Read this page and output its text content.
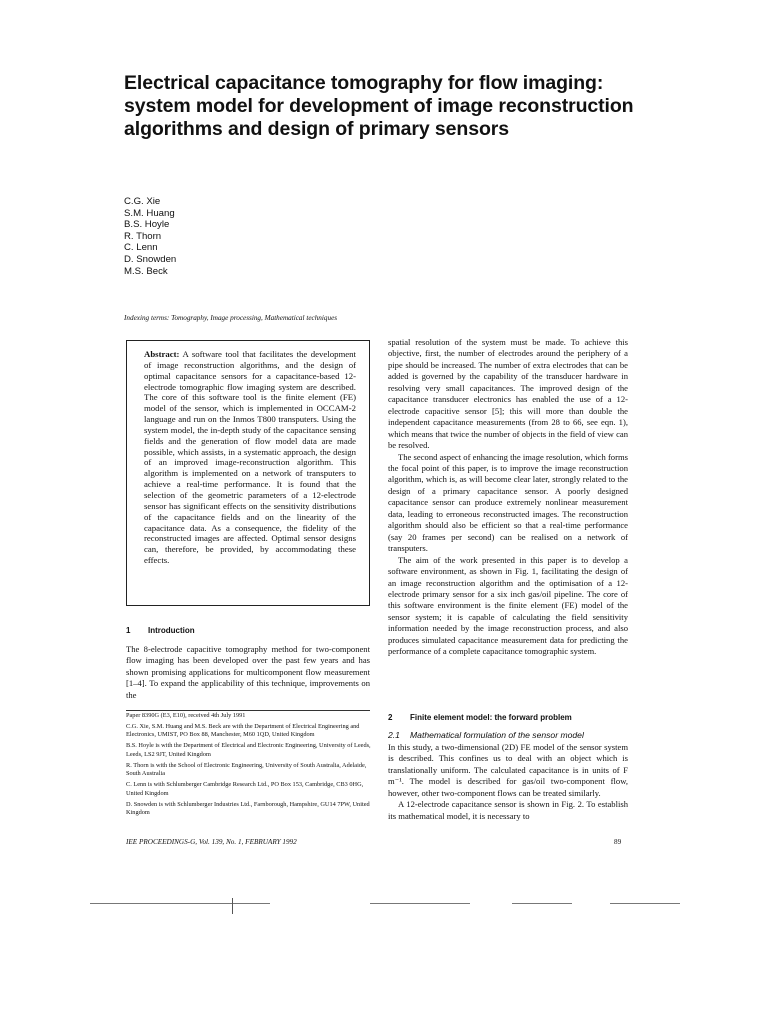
Electrical capacitance tomography for flow imaging: system model for development of image reconstruction algorithms and design of primary sensors
C.G. Xie
S.M. Huang
B.S. Hoyle
R. Thorn
C. Lenn
D. Snowden
M.S. Beck
Indexing terms: Tomography, Image processing, Mathematical techniques

Abstract: A software tool that facilitates the development of image reconstruction algorithms, and the design of optimal capacitance sensors for a capacitance-based 12-electrode tomographic flow imaging system are described. The core of this software tool is the finite element (FE) model of the sensor, which is implemented in OCCAM-2 language and run on the Inmos T800 transputers. Using the system model, the in-depth study of the capacitance sensing fields and the generation of flow model data are made possible, which assists, in a systematic approach, the design of an improved image-reconstruction algorithm. This algorithm is implemented on a network of transputers to achieve a real-time performance. It is found that the selection of the geometric parameters of a 12-electrode sensor has significant effects on the sensitivity distributions of the capacitance fields and on the linearity of the capacitance data. As a consequence, the fidelity of the reconstructed images are affected. Optimal sensor designs can, therefore, be provided, by accommodating these effects.

1 Introduction

The 8-electrode capacitive tomography method for two-component flow imaging has been developed over the past few years and has shown promising applications for multicomponent flow measurement [1–4]. To expand the applicability of this technique, improvements on the

Paper 8390G (E3, E10), received 4th July 1991

C.G. Xie, S.M. Huang and M.S. Beck are with the Department of Electrical Engineering and Electronics, UMIST, PO Box 88, Manchester, M60 1QD, United Kingdom

B.S. Hoyle is with the Department of Electrical and Electronic Engineering, University of Leeds, Leeds, LS2 9JT, United Kingdom

R. Thorn is with the School of Electronic Engineering, University of South Australia, Adelaide, South Australia

C. Lenn is with Schlumberger Cambridge Research Ltd., PO Box 153, Cambridge, CB3 0HG, United Kingdom

D. Snowden is with Schlumberger Industries Ltd., Farnborough, Hampshire, GU14 7PW, United Kingdom

IEE PROCEEDINGS-G, Vol. 139, No. 1, FEBRUARY 1992

spatial resolution of the system must be made. To achieve this objective, first, the number of electrodes around the periphery of a pipe should be increased. The number of extra electrodes that can be added is governed by the capability of the transducer hardware in resolving very small capacitances. The improved design of the capacitance transducer electronics has enabled the use of a 12-electrode capacitive sensor [5]; this will more than double the independent capacitance measurements (from 28 to 66, see eqn. 1), which means that twice the number of objects in the field of view can be resolved.

The second aspect of enhancing the image resolution, which forms the focal point of this paper, is to improve the image reconstruction algorithm, which is, as will become clear later, strongly related to the design of a primary capacitance sensor. A poorly designed capacitance sensor can produce extremely nonlinear measurement data, leading to erroneous reconstructed images. The reconstruction algorithm should also be efficient so that a real-time performance (say 20 frames per second) can be realised on a network of transputers.

The aim of the work presented in this paper is to develop a software environment, as shown in Fig. 1, facilitating the design of an image reconstruction algorithm and the optimisation of a 12-electrode primary sensor for a six inch gas/oil pipeline. The core of this software environment is the finite element (FE) model of the sensor system; it is capable of calculating the field sensitivity information needed by the image reconstruction process, and also produces simulated capacitance measurement data for predicting the performance of a complete capacitance tomographic system.

2 Finite element model: the forward problem
2.1 Mathematical formulation of the sensor model

In this study, a two-dimensional (2D) FE model of the sensor system is described. This confines us to deal with an object which is translationally uniform. The calculated capacitance is in units of F m⁻¹. The model is described for gas/oil two-component flow, however, other two-component flows can be treated similarly.

A 12-electrode capacitance sensor is shown in Fig. 2. To establish its mathematical model, it is necessary to

89
